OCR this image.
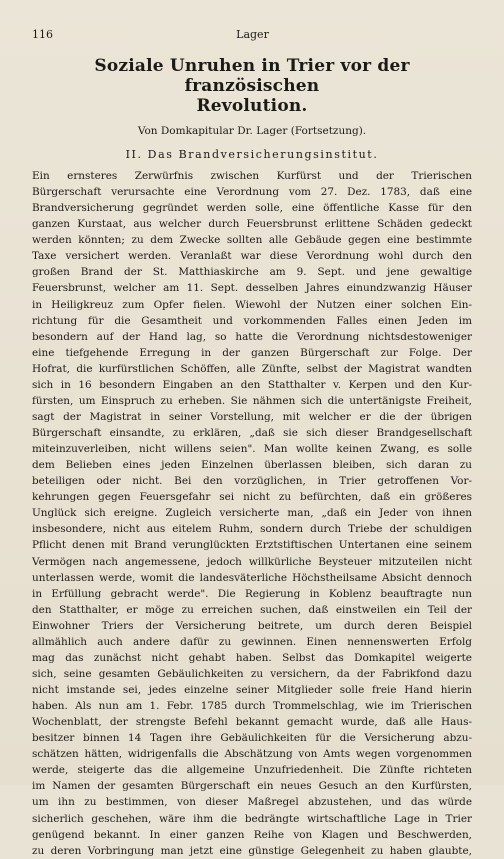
116	Lager
Soziale Unruhen in Trier vor der französischen
Revolution.
Von Domkapitular Dr. Lager (Fortsetzung).
II. Das Brandversicherungsinstitut.
Ein ernsteres Zerwürfnis zwischen Kurfürst und der Trierischen
Bürgerschaft verursachte eine Verordnung vom 27. Dez. 1783, daß eine
Brandversicherung gegründet werden solle, eine öffentliche Kasse für den
ganzen Kurstaat, aus welcher durch Feuersbrunst erlittene Schäden gedeckt
werden könnten; zu dem Zwecke sollten alle Gebäude gegen eine bestimmte
Taxe versichert werden. Veranlaßt war diese Verordnung wohl durch den
großen Brand der St. Matthiaskirche am 9. Sept. und jene gewaltige
Feuersbrunst, welcher am 11. Sept. desselben Jahres einundzwanzig Häuser
in Heiligkreuz zum Opfer fielen. Wiewohl der Nutzen einer solchen Ein-
richtung für die Gesamtheit und vorkommenden Falles einen Jeden im
besondern auf der Hand lag, so hatte die Verordnung nichtsdestoweniger
eine tiefgehende Erregung in der ganzen Bürgerschaft zur Folge. Der
Hofrat, die kurfürstlichen Schöffen, alle Zünfte, selbst der Magistrat wandten
sich in 16 besondern Eingaben an den Statthalter v. Kerpen und den Kur-
fürsten, um Einspruch zu erheben. Sie nähmen sich die untertänigste Freiheit,
sagt der Magistrat in seiner Vorstellung, mit welcher er die der übrigen
Bürgerschaft einsandte, zu erklären, „daß sie sich dieser Brandgesellschaft
miteinzuverleiben, nicht willens seien". Man wollte keinen Zwang, es solle
dem Belieben eines jeden Einzelnen überlassen bleiben, sich daran zu
beteiligen oder nicht. Bei den vorzüglichen, in Trier getroffenen Vor-
kehrungen gegen Feuersgefahr sei nicht zu befürchten, daß ein größeres
Unglück sich ereigne. Zugleich versicherte man, „daß ein Jeder von ihnen
insbesondere, nicht aus eitelem Ruhm, sondern durch Triebe der schuldigen
Pflicht denen mit Brand verunglückten Erztstiftischen Untertanen eine seinem
Vermögen nach angemessene, jedoch willkürliche Beysteuer mitzuteilen nicht
unterlassen werde, womit die landesväterliche Höchstheilsame Absicht dennoch
in Erfüllung gebracht werde". Die Regierung in Koblenz beauftragte nun
den Statthalter, er möge zu erreichen suchen, daß einstweilen ein Teil der
Einwohner Triers der Versicherung beitrete, um durch deren Beispiel
allmählich auch andere dafür zu gewinnen. Einen nennenswerten Erfolg
mag das zunächst nicht gehabt haben. Selbst das Domkapitel weigerte
sich, seine gesamten Gebäulichkeiten zu versichern, da der Fabrikfond dazu
nicht imstande sei, jedes einzelne seiner Mitglieder solle freie Hand hierin
haben. Als nun am 1. Febr. 1785 durch Trommelschlag, wie im Trierischen
Wochenblatt, der strengste Befehl bekannt gemacht wurde, daß alle Haus-
besitzer binnen 14 Tagen ihre Gebäulichkeiten für die Versicherung abzu-
schätzen hätten, widrigenfalls die Abschätzung von Amts wegen vorgenommen
werde, steigerte das die allgemeine Unzufriedenheit. Die Zünfte richteten
im Namen der gesamten Bürgerschaft ein neues Gesuch an den Kurfürsten,
um ihn zu bestimmen, von dieser Maßregel abzustehen, und das würde
sicherlich geschehen, wäre ihm die bedrängte wirtschaftliche Lage in Trier
genügend bekannt. In einer ganzen Reihe von Klagen und Beschwerden,
zu deren Vorbringung man jetzt eine günstige Gelegenheit zu haben glaubte,
